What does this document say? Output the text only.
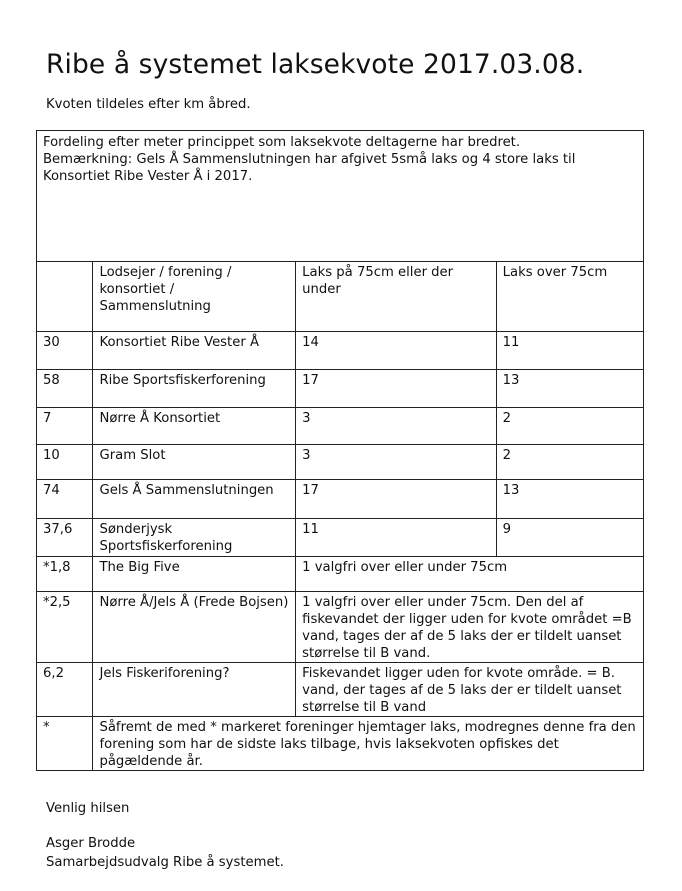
Ribe å systemet laksekvote 2017.03.08.

Kvoten tildeles efter km åbred.

Fordeling efter meter princippet som laksekvote deltagerne har bredret.
Bemærkning: Gels Å Sammenslutningen har afgivet 5små laks og 4 store laks til Konsortiet Ribe Vester Å i 2017.			

	Lodsejer / forening / konsortiet / Sammenslutning	Laks på 75cm eller der under	Laks over 75cm
30	Konsortiet Ribe Vester Å	14	11
58	Ribe Sportsfiskerforening	17	13
7	Nørre Å Konsortiet	3	2
10	Gram Slot	3	2
74	Gels Å Sammenslutningen	17	13
37,6	Sønderjysk Sportsfiskerforening	11	9
*1,8	The Big Five	1 valgfri over eller under 75cm	
*2,5	Nørre Å/Jels Å (Frede Bojsen)	1 valgfri over eller under 75cm. Den del af fiskevandet der ligger uden for kvote området =B vand, tages der af de 5 laks der er tildelt uanset størrelse til B vand.	
6,2	Jels Fiskeriforening?	Fiskevandet ligger uden for kvote område. = B. vand, der tages af de 5 laks der er tildelt uanset størrelse til B vand	
*	Såfremt de med * markeret foreninger hjemtager laks, modregnes denne fra den forening som har de sidste laks tilbage, hvis laksekvoten opfiskes det pågældende år.		

Venlig hilsen

Asger Brodde

Samarbejdsudvalg Ribe å systemet.
